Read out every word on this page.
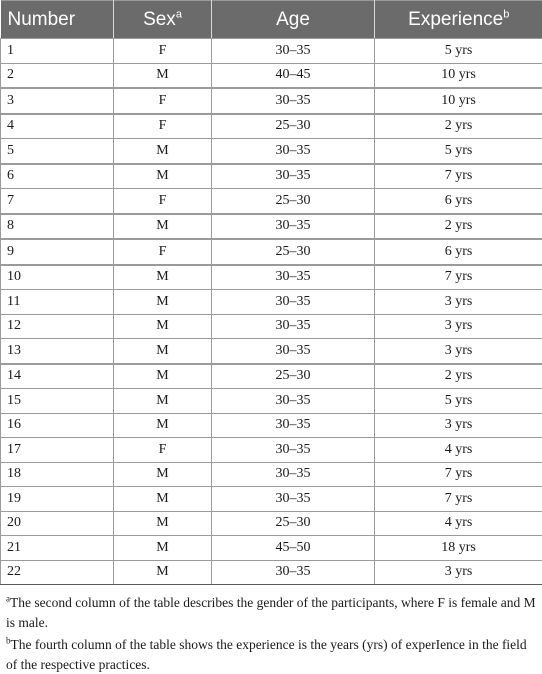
Number	Sex$^a$	Age	Experience$^b$
1	F	30–35	5 yrs
2	M	40–45	10 yrs
3	F	30–35	10 yrs
4	F	25–30	2 yrs
5	M	30–35	5 yrs
6	M	30–35	7 yrs
7	F	25–30	6 yrs
8	M	30–35	2 yrs
9	F	25–30	6 yrs
10	M	30–35	7 yrs
11	M	30–35	3 yrs
12	M	30–35	3 yrs
13	M	30–35	3 yrs
14	M	25–30	2 yrs
15	M	30–35	5 yrs
16	M	30–35	3 yrs
17	F	30–35	4 yrs
18	M	30–35	7 yrs
19	M	30–35	7 yrs
20	M	25–30	4 yrs
21	M	45–50	18 yrs
22	M	30–35	3 yrs

$^a$The second column of the table describes the gender of the participants, where F is female and M is male.

$^b$The fourth column of the table shows the experience is the years (yrs) of experIence in the field of the respective practices.
